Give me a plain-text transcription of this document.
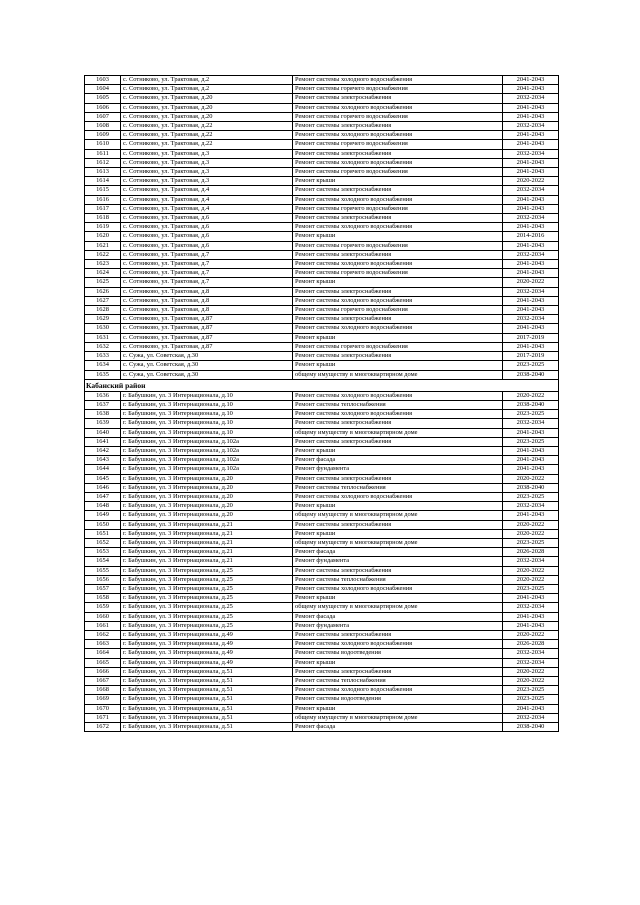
1603	с. Сотниково, ул. Трактовая, д.2	Ремонт системы холодного водоснабжения	2041-2043
1604	с. Сотниково, ул. Трактовая, д.2	Ремонт системы горячего водоснабжения	2041-2043
1605	с. Сотниково, ул. Трактовая, д.20	Ремонт системы электроснабжения	2032-2034
1606	с. Сотниково, ул. Трактовая, д.20	Ремонт системы холодного водоснабжения	2041-2043
1607	с. Сотниково, ул. Трактовая, д.20	Ремонт системы горячего водоснабжения	2041-2043
1608	с. Сотниково, ул. Трактовая, д.22	Ремонт системы электроснабжения	2032-2034
1609	с. Сотниково, ул. Трактовая, д.22	Ремонт системы холодного водоснабжения	2041-2043
1610	с. Сотниково, ул. Трактовая, д.22	Ремонт системы горячего водоснабжения	2041-2043
1611	с. Сотниково, ул. Трактовая, д.3	Ремонт системы электроснабжения	2032-2034
1612	с. Сотниково, ул. Трактовая, д.3	Ремонт системы холодного водоснабжения	2041-2043
1613	с. Сотниково, ул. Трактовая, д.3	Ремонт системы горячего водоснабжения	2041-2043
1614	с. Сотниково, ул. Трактовая, д.3	Ремонт крыши	2020-2022
1615	с. Сотниково, ул. Трактовая, д.4	Ремонт системы электроснабжения	2032-2034
1616	с. Сотниково, ул. Трактовая, д.4	Ремонт системы холодного водоснабжения	2041-2043
1617	с. Сотниково, ул. Трактовая, д.4	Ремонт системы горячего водоснабжения	2041-2043
1618	с. Сотниково, ул. Трактовая, д.6	Ремонт системы электроснабжения	2032-2034
1619	с. Сотниково, ул. Трактовая, д.6	Ремонт системы холодного водоснабжения	2041-2043
1620	с. Сотниково, ул. Трактовая, д.6	Ремонт крыши	2014-2016
1621	с. Сотниково, ул. Трактовая, д.6	Ремонт системы горячего водоснабжения	2041-2043
1622	с. Сотниково, ул. Трактовая, д.7	Ремонт системы электроснабжения	2032-2034
1623	с. Сотниково, ул. Трактовая, д.7	Ремонт системы холодного водоснабжения	2041-2043
1624	с. Сотниково, ул. Трактовая, д.7	Ремонт системы горячего водоснабжения	2041-2043
1625	с. Сотниково, ул. Трактовая, д.7	Ремонт крыши	2020-2022
1626	с. Сотниково, ул. Трактовая, д.8	Ремонт системы электроснабжения	2032-2034
1627	с. Сотниково, ул. Трактовая, д.8	Ремонт системы холодного водоснабжения	2041-2043
1628	с. Сотниково, ул. Трактовая, д.8	Ремонт системы горячего водоснабжения	2041-2043
1629	с. Сотниково, ул. Трактовая, д.87	Ремонт системы электроснабжения	2032-2034
1630	с. Сотниково, ул. Трактовая, д.87	Ремонт системы холодного водоснабжения	2041-2043
1631	с. Сотниково, ул. Трактовая, д.87	Ремонт крыши	2017-2019
1632	с. Сотниково, ул. Трактовая, д.87	Ремонт системы горячего водоснабжения	2041-2043
1633	с. Сужа, ул. Советская, д.30	Ремонт системы электроснабжения	2017-2019
1634	с. Сужа, ул. Советская, д.30	Ремонт крыши	2023-2025
1635	с. Сужа, ул. Советская, д.30	общему имуществу в многоквартирном доме	2038-2040
Кабанский район			
1636	г. Бабушкин, ул. 3 Интернационала, д.10	Ремонт системы холодного водоснабжения	2020-2022
1637	г. Бабушкин, ул. 3 Интернационала, д.10	Ремонт системы теплоснабжения	2038-2040
1638	г. Бабушкин, ул. 3 Интернационала, д.10	Ремонт системы холодного водоснабжения	2023-2025
1639	г. Бабушкин, ул. 3 Интернационала, д.10	Ремонт системы электроснабжения	2032-2034
1640	г. Бабушкин, ул. 3 Интернационала, д.10	общему имуществу в многоквартирном доме	2041-2043
1641	г. Бабушкин, ул. 3 Интернационала, д.102а	Ремонт системы электроснабжения	2023-2025
1642	г. Бабушкин, ул. 3 Интернационала, д.102а	Ремонт крыши	2041-2043
1643	г. Бабушкин, ул. 3 Интернационала, д.102а	Ремонт фасада	2041-2043
1644	г. Бабушкин, ул. 3 Интернационала, д.102а	Ремонт фундамента	2041-2043
1645	г. Бабушкин, ул. 3 Интернационала, д.20	Ремонт системы электроснабжения	2020-2022
1646	г. Бабушкин, ул. 3 Интернационала, д.20	Ремонт системы теплоснабжения	2038-2040
1647	г. Бабушкин, ул. 3 Интернационала, д.20	Ремонт системы холодного водоснабжения	2023-2025
1648	г. Бабушкин, ул. 3 Интернационала, д.20	Ремонт крыши	2032-2034
1649	г. Бабушкин, ул. 3 Интернационала, д.20	общему имуществу в многоквартирном доме	2041-2043
1650	г. Бабушкин, ул. 3 Интернационала, д.21	Ремонт системы электроснабжения	2020-2022
1651	г. Бабушкин, ул. 3 Интернационала, д.21	Ремонт крыши	2020-2022
1652	г. Бабушкин, ул. 3 Интернационала, д.21	общему имуществу в многоквартирном доме	2023-2025
1653	г. Бабушкин, ул. 3 Интернационала, д.21	Ремонт фасада	2026-2028
1654	г. Бабушкин, ул. 3 Интернационала, д.21	Ремонт фундамента	2032-2034
1655	г. Бабушкин, ул. 3 Интернационала, д.25	Ремонт системы электроснабжения	2020-2022
1656	г. Бабушкин, ул. 3 Интернационала, д.25	Ремонт системы теплоснабжения	2020-2022
1657	г. Бабушкин, ул. 3 Интернационала, д.25	Ремонт системы холодного водоснабжения	2023-2025
1658	г. Бабушкин, ул. 3 Интернационала, д.25	Ремонт крыши	2041-2043
1659	г. Бабушкин, ул. 3 Интернационала, д.25	общему имуществу в многоквартирном доме	2032-2034
1660	г. Бабушкин, ул. 3 Интернационала, д.25	Ремонт фасада	2041-2043
1661	г. Бабушкин, ул. 3 Интернационала, д.25	Ремонт фундамента	2041-2043
1662	г. Бабушкин, ул. 3 Интернационала, д.49	Ремонт системы электроснабжения	2020-2022
1663	г. Бабушкин, ул. 3 Интернационала, д.49	Ремонт системы холодного водоснабжения	2026-2028
1664	г. Бабушкин, ул. 3 Интернационала, д.49	Ремонт системы водоотведения	2032-2034
1665	г. Бабушкин, ул. 3 Интернационала, д.49	Ремонт крыши	2032-2034
1666	г. Бабушкин, ул. 3 Интернационала, д.51	Ремонт системы электроснабжения	2020-2022
1667	г. Бабушкин, ул. 3 Интернационала, д.51	Ремонт системы теплоснабжения	2020-2022
1668	г. Бабушкин, ул. 3 Интернационала, д.51	Ремонт системы холодного водоснабжения	2023-2025
1669	г. Бабушкин, ул. 3 Интернационала, д.51	Ремонт системы водоотведения	2023-2025
1670	г. Бабушкин, ул. 3 Интернационала, д.51	Ремонт крыши	2041-2043
1671	г. Бабушкин, ул. 3 Интернационала, д.51	общему имуществу в многоквартирном доме	2032-2034
1672	г. Бабушкин, ул. 3 Интернационала, д.51	Ремонт фасада	2038-2040
